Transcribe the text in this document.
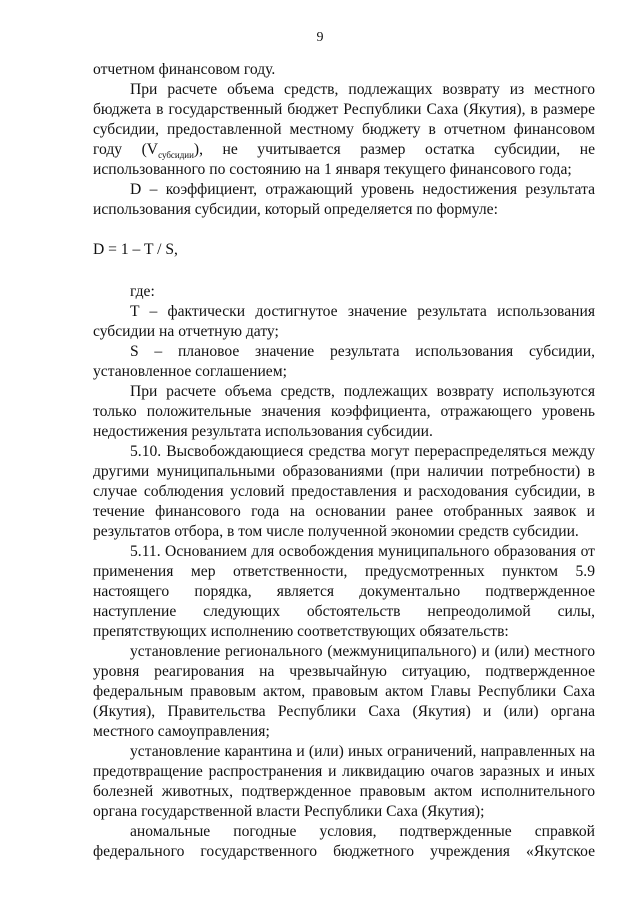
9

отчетном финансовом году.

При расчете объема средств, подлежащих возврату из местного бюджета в государственный бюджет Республики Саха (Якутия), в размере субсидии, предоставленной местному бюджету в отчетном финансовом году $(V_{субсидии})$, не учитывается размер остатка субсидии, не использованного по состоянию на 1 января текущего финансового года;

D – коэффициент, отражающий уровень недостижения результата использования субсидии, который определяется по формуле:

D = 1 – T / S,

где:

T – фактически достигнутое значение результата использования субсидии на отчетную дату;

S – плановое значение результата использования субсидии, установленное соглашением;

При расчете объема средств, подлежащих возврату используются только положительные значения коэффициента, отражающего уровень недостижения результата использования субсидии.

5.10. Высвобождающиеся средства могут перераспределяться между другими муниципальными образованиями (при наличии потребности) в случае соблюдения условий предоставления и расходования субсидии, в течение финансового года на основании ранее отобранных заявок и результатов отбора, в том числе полученной экономии средств субсидии.

5.11. Основанием для освобождения муниципального образования от применения мер ответственности, предусмотренных пунктом 5.9 настоящего порядка, является документально подтвержденное наступление следующих обстоятельств непреодолимой силы, препятствующих исполнению соответствующих обязательств:

установление регионального (межмуниципального) и (или) местного уровня реагирования на чрезвычайную ситуацию, подтвержденное федеральным правовым актом, правовым актом Главы Республики Саха (Якутия), Правительства Республики Саха (Якутия) и (или) органа местного самоуправления;

установление карантина и (или) иных ограничений, направленных на предотвращение распространения и ликвидацию очагов заразных и иных болезней животных, подтвержденное правовым актом исполнительного органа государственной власти Республики Саха (Якутия);

аномальные погодные условия, подтвержденные справкой федерального государственного бюджетного учреждения «Якутское
